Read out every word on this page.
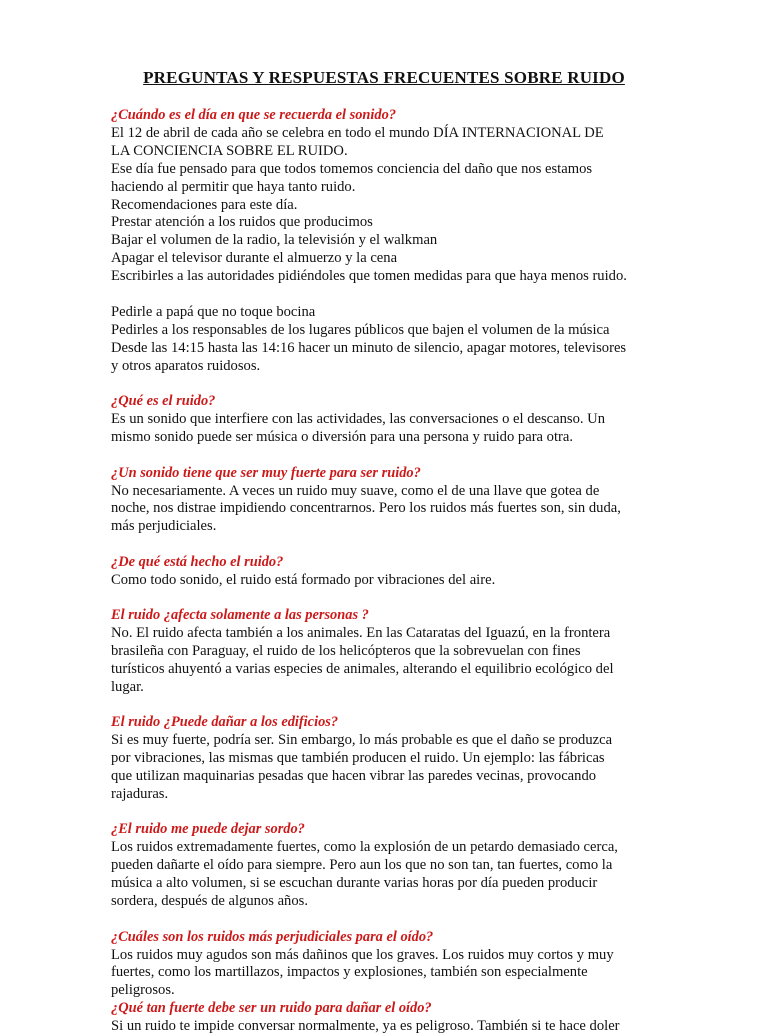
PREGUNTAS Y RESPUESTAS FRECUENTES SOBRE RUIDO
¿Cuándo es el día en que se recuerda el sonido?
El 12 de abril de cada año se celebra en todo el mundo DÍA INTERNACIONAL DE
LA CONCIENCIA SOBRE EL RUIDO.
Ese día fue pensado para que todos tomemos conciencia del daño que nos estamos
haciendo al permitir que haya tanto ruido.
Recomendaciones para este día.
Prestar atención a los ruidos que producimos
Bajar el volumen de la radio, la televisión y el walkman
Apagar el televisor durante el almuerzo y la cena
Escribirles a las autoridades pidiéndoles que tomen medidas para que haya menos ruido.
Pedirle a papá que no toque bocina
Pedirles a los responsables de los lugares públicos que bajen el volumen de la música
Desde las 14:15 hasta las 14:16 hacer un minuto de silencio, apagar motores, televisores
y otros aparatos ruidosos.
¿Qué es el ruido?
Es un sonido que interfiere con las actividades, las conversaciones o el descanso. Un
mismo sonido puede ser música o diversión para una persona y ruido para otra.
¿Un sonido tiene que ser muy fuerte para ser ruido?
No necesariamente. A veces un ruido muy suave, como el de una llave que gotea de
noche, nos distrae impidiendo concentrarnos. Pero los ruidos más fuertes son, sin duda,
más perjudiciales.
¿De qué está hecho el ruido?
Como todo sonido, el ruido está formado por vibraciones del aire.
El ruido ¿afecta solamente a las personas ?
No. El ruido afecta también a los animales. En las Cataratas del Iguazú, en la frontera
brasileña con Paraguay, el ruido de los helicópteros que la sobrevuelan con fines
turísticos ahuyentó a varias especies de animales, alterando el equilibrio ecológico del
lugar.
El ruido ¿Puede dañar a los edificios?
Si es muy fuerte, podría ser. Sin embargo, lo más probable es que el daño se produzca
por vibraciones, las mismas que también producen el ruido. Un ejemplo: las fábricas
que utilizan maquinarias pesadas que hacen vibrar las paredes vecinas, provocando
rajaduras.
¿El ruido me puede dejar sordo?
Los ruidos extremadamente fuertes, como la explosión de un petardo demasiado cerca,
pueden dañarte el oído para siempre. Pero aun los que no son tan, tan fuertes, como la
música a alto volumen, si se escuchan durante varias horas por día pueden producir
sordera, después de algunos años.
¿Cuáles son los ruidos más perjudiciales para el oído?
Los ruidos muy agudos son más dañinos que los graves. Los ruidos muy cortos y muy
fuertes, como los martillazos, impactos y explosiones, también son especialmente
peligrosos.
¿Qué tan fuerte debe ser un ruido para dañar el oído?
Si un ruido te impide conversar normalmente, ya es peligroso. También si te hace doler
